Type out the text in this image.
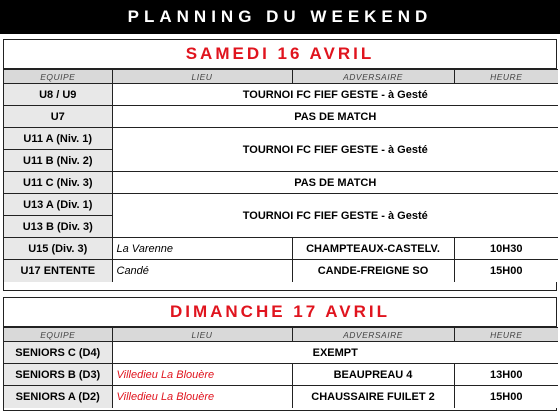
PLANNING DU WEEKEND
SAMEDI 16 AVRIL
EQUIPE	LIEU	ADVERSAIRE	HEURE
U8 / U9	TOURNOI FC FIEF GESTE - à Gesté		
U7	PAS DE MATCH		
U11 A (Niv. 1)	TOURNOI FC FIEF GESTE - à Gesté		
U11 B (Niv. 2)			
U11 C (Niv. 3)	PAS DE MATCH		
U13 A (Div. 1)	TOURNOI FC FIEF GESTE - à Gesté		
U13 B (Div. 3)			
U15 (Div. 3)	La Varenne	CHAMPTEAUX-CASTELV.	10H30
U17 ENTENTE	Candé	CANDE-FREIGNE SO	15H00
DIMANCHE 17 AVRIL
EQUIPE	LIEU	ADVERSAIRE	HEURE
SENIORS C (D4)	EXEMPT		
SENIORS B (D3)	Villedieu La Blouère	BEAUPREAU 4	13H00
SENIORS A (D2)	Villedieu La Blouère	CHAUSSAIRE FUILET 2	15H00
